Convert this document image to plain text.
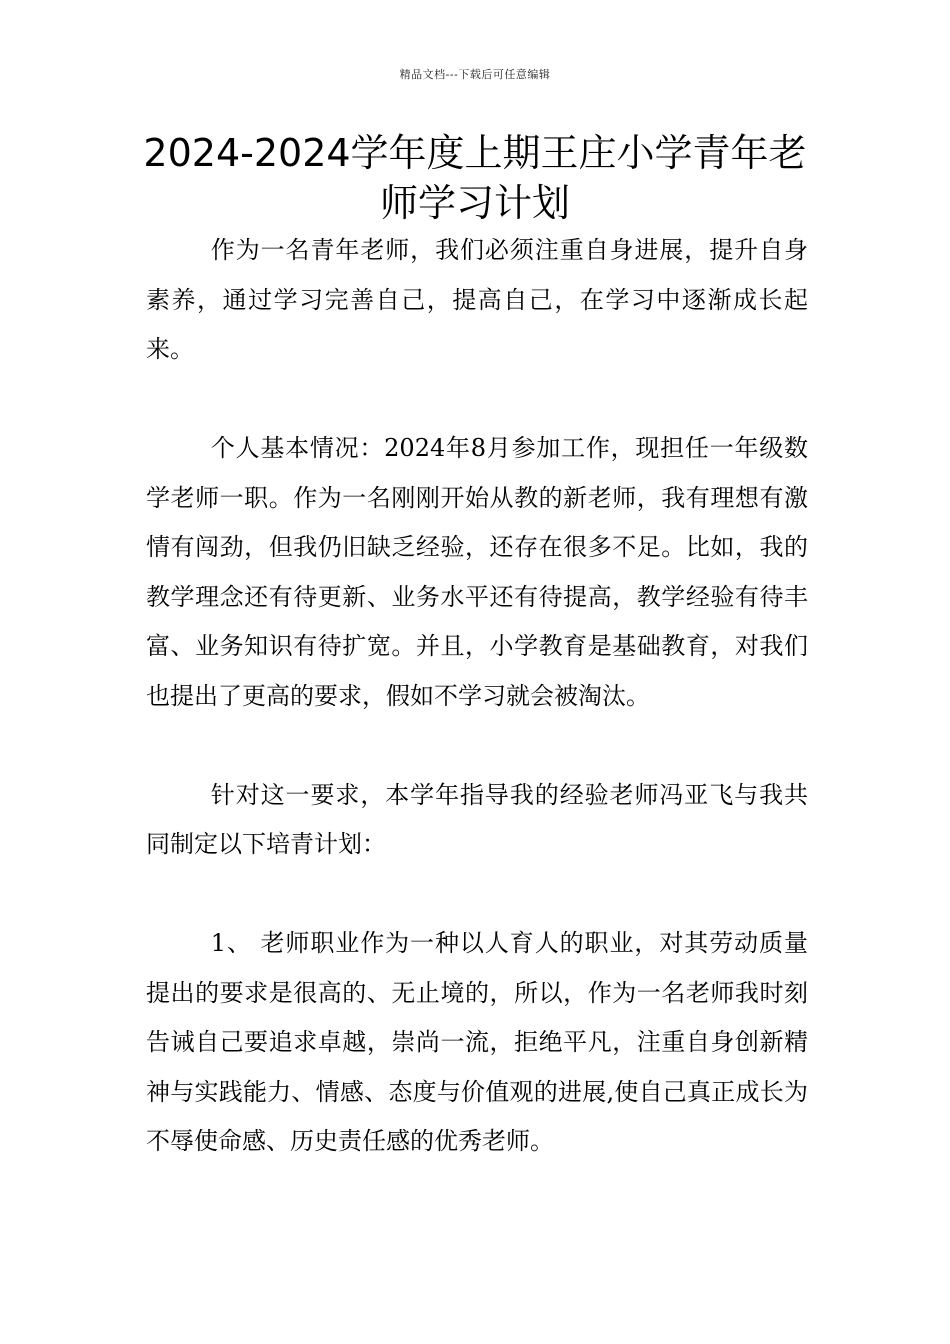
精品文档---下载后可任意编辑
2024-2024学年度上期王庄小学青年老
师学习计划

作为一名青年老师，我们必须注重自身进展，提升自身素养，通过学习完善自己，提高自己，在学习中逐渐成长起来。

个人基本情况：2024年8月参加工作，现担任一年级数学老师一职。作为一名刚刚开始从教的新老师，我有理想有激情有闯劲，但我仍旧缺乏经验，还存在很多不足。比如，我的教学理念还有待更新、业务水平还有待提高，教学经验有待丰富、业务知识有待扩宽。并且，小学教育是基础教育，对我们也提出了更高的要求，假如不学习就会被淘汰。

针对这一要求，本学年指导我的经验老师冯亚飞与我共同制定以下培青计划：

1、 老师职业作为一种以人育人的职业，对其劳动质量提出的要求是很高的、无止境的，所以，作为一名老师我时刻告诫自己要追求卓越，崇尚一流，拒绝平凡，注重自身创新精神与实践能力、情感、态度与价值观的进展,使自己真正成长为不辱使命感、历史责任感的优秀老师。
